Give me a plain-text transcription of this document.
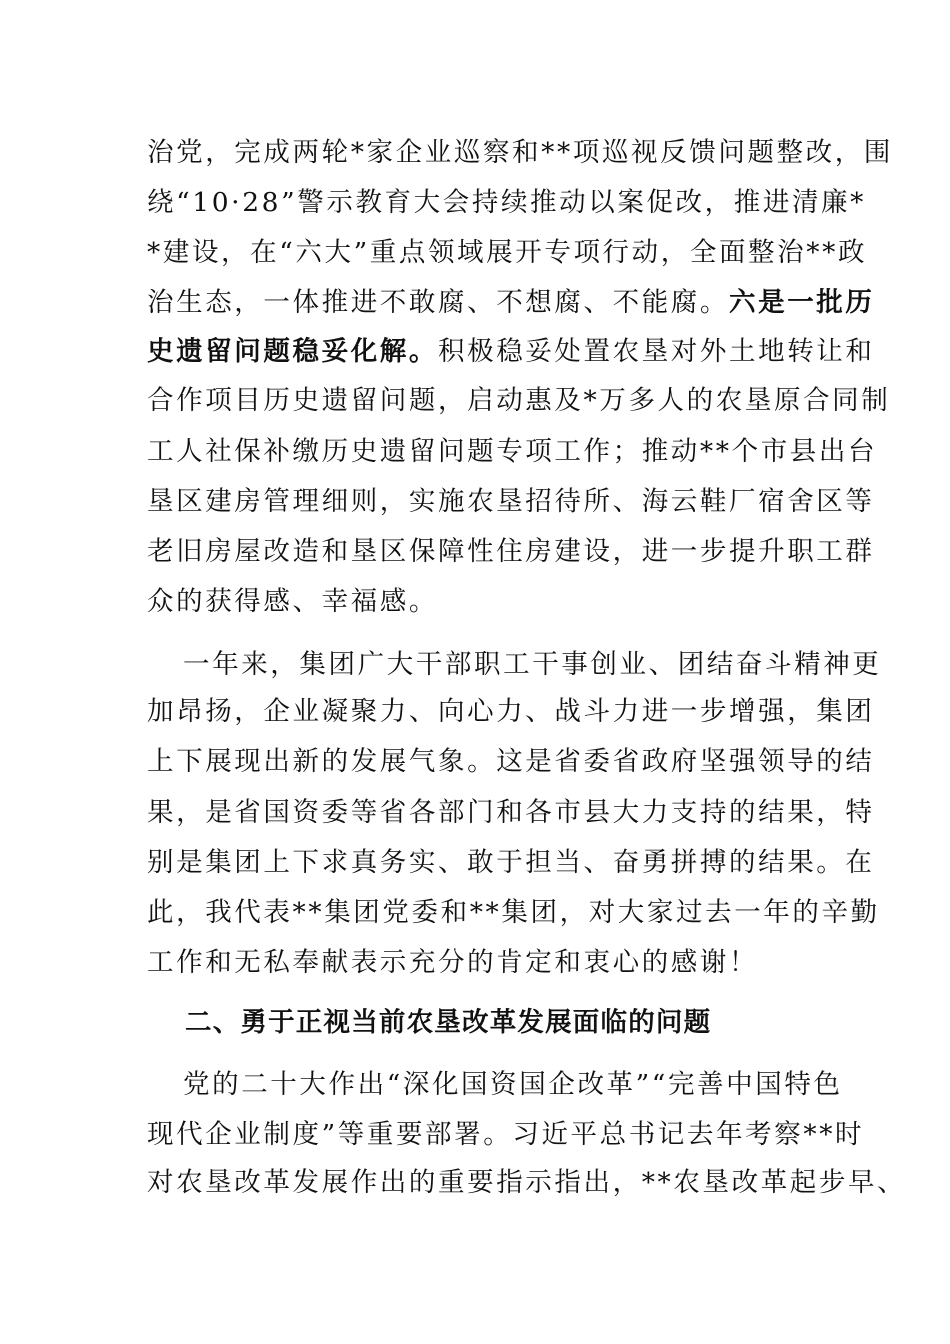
治党，完成两轮*家企业巡察和**项巡视反馈问题整改，围
绕“10·28”警示教育大会持续推动以案促改，推进清廉*
*建设，在“六大”重点领域展开专项行动，全面整治**政
治生态，一体推进不敢腐、不想腐、不能腐。六是一批历
史遗留问题稳妥化解。积极稳妥处置农垦对外土地转让和
合作项目历史遗留问题，启动惠及*万多人的农垦原合同制
工人社保补缴历史遗留问题专项工作；推动**个市县出台
垦区建房管理细则，实施农垦招待所、海云鞋厂宿舍区等
老旧房屋改造和垦区保障性住房建设，进一步提升职工群
众的获得感、幸福感。
一年来，集团广大干部职工干事创业、团结奋斗精神更
加昂扬，企业凝聚力、向心力、战斗力进一步增强，集团
上下展现出新的发展气象。这是省委省政府坚强领导的结
果，是省国资委等省各部门和各市县大力支持的结果，特
别是集团上下求真务实、敢于担当、奋勇拼搏的结果。在
此，我代表**集团党委和**集团，对大家过去一年的辛勤
工作和无私奉献表示充分的肯定和衷心的感谢！
二、勇于正视当前农垦改革发展面临的问题
党的二十大作出“深化国资国企改革”“完善中国特色
现代企业制度”等重要部署。习近平总书记去年考察**时
对农垦改革发展作出的重要指示指出，**农垦改革起步早、
